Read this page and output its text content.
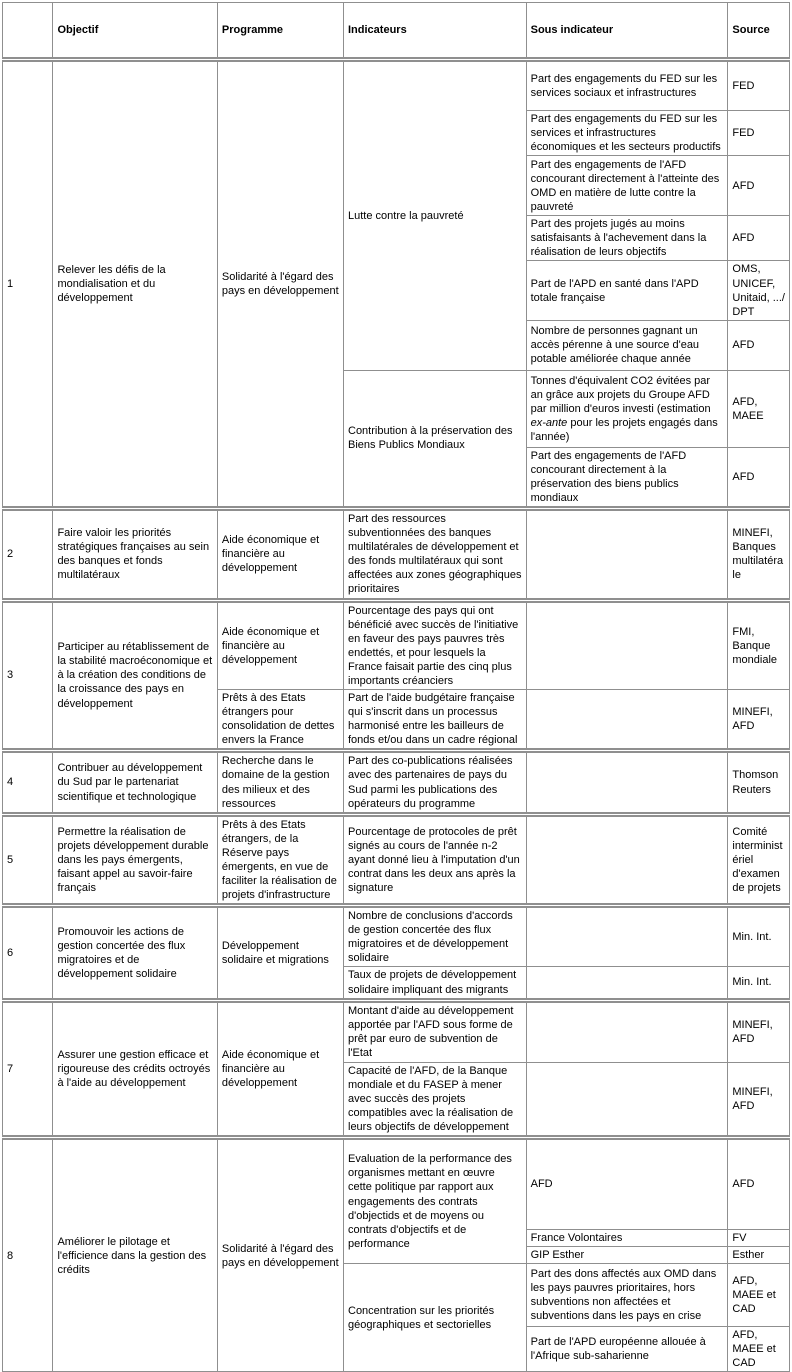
	Objectif	Programme	Indicateurs	Sous indicateur	Source
1	Relever les défis de la mondialisation et du développement	Solidarité à l'égard des pays en développement	Lutte contre la pauvreté	Part des engagements du FED sur les services sociaux et infrastructures	FED
				Part des engagements du FED sur les services et infrastructures économiques et les secteurs productifs	FED
				Part des engagements de l'AFD concourant directement à l'atteinte des OMD en matière de lutte contre la pauvreté	AFD
				Part des projets jugés au moins satisfaisants à l'achevement dans la réalisation de leurs objectifs	AFD
				Part de l'APD en santé dans l'APD totale française	OMS, UNICEF, Unitaid, .../ DPT
				Nombre de personnes gagnant un accès pérenne à une source d'eau potable améliorée chaque année	AFD
			Contribution à la préservation des Biens Publics Mondiaux	Tonnes d'équivalent CO2 évitées par an grâce aux projets du Groupe AFD par million d'euros investi (estimation ex-ante pour les projets engagés dans l'année)	AFD, MAEE
				Part des engagements de l'AFD concourant directement à la préservation des biens publics mondiaux	AFD
2	Faire valoir les priorités stratégiques françaises au sein des banques et fonds multilatéraux	Aide économique et financière au développement	Part des ressources subventionnées des banques multilatérales de développement et des fonds multilatéraux qui sont affectées aux zones géographiques prioritaires		MINEFI, Banques multilatérale
3	Participer au rétablissement de la stabilité macroéconomique et à la création des conditions de la croissance des pays en développement	Aide économique et financière au développement	Pourcentage des pays qui ont bénéficié avec succès de l'initiative en faveur des pays pauvres très endettés, et pour lesquels la France faisait partie des cinq plus importants créanciers		FMI, Banque mondiale
		Prêts à des Etats étrangers pour consolidation de dettes envers la France	Part de l'aide budgétaire française qui s'inscrit dans un processus harmonisé entre les bailleurs de fonds et/ou dans un cadre régional		MINEFI, AFD
4	Contribuer au développement du Sud par le partenariat scientifique et technologique	Recherche dans le domaine de la gestion des milieux et des ressources	Part des co-publications réalisées avec des partenaires de pays du Sud parmi les publications des opérateurs du programme		Thomson Reuters
5	Permettre la réalisation de projets développement durable dans les pays émergents, faisant appel au savoir-faire français	Prêts à des Etats étrangers, de la Réserve pays émergents, en vue de faciliter la réalisation de projets d'infrastructure	Pourcentage de protocoles de prêt signés au cours de l'année n-2 ayant donné lieu à l'imputation d'un contrat dans les deux ans après la signature		Comité interministériel d'examen de projets
6	Promouvoir les actions de gestion concertée des flux migratoires et de développement solidaire	Développement solidaire et migrations	Nombre de conclusions d'accords de gestion concertée des flux migratoires et de développement solidaire		Min. Int.
			Taux de projets de développement solidaire impliquant des migrants		Min. Int.
7	Assurer une gestion efficace et rigoureuse des crédits octroyés à l'aide au développement	Aide économique et financière au développement	Montant d'aide au développement apportée par l'AFD sous forme de prêt par euro de subvention de l'Etat		MINEFI, AFD
			Capacité de l'AFD, de la Banque mondiale et du FASEP à mener avec succès des projets compatibles avec la réalisation de leurs objectifs de développement		MINEFI, AFD
8	Améliorer le pilotage et l'efficience dans la gestion des crédits	Solidarité à l'égard des pays en développement	Evaluation de la performance des organismes mettant en œuvre cette politique par rapport aux engagements des contrats d'objectids et de moyens ou contrats d'objectifs et de performance	AFD	AFD
				France Volontaires	FV
				GIP Esther	Esther
			Concentration sur les priorités géographiques et sectorielles	Part des dons affectés aux OMD dans les pays pauvres prioritaires, hors subventions non affectées et subventions dans les pays en crise	AFD, MAEE et CAD
				Part de l'APD européenne allouée à l'Afrique sub-saharienne	AFD, MAEE et CAD
